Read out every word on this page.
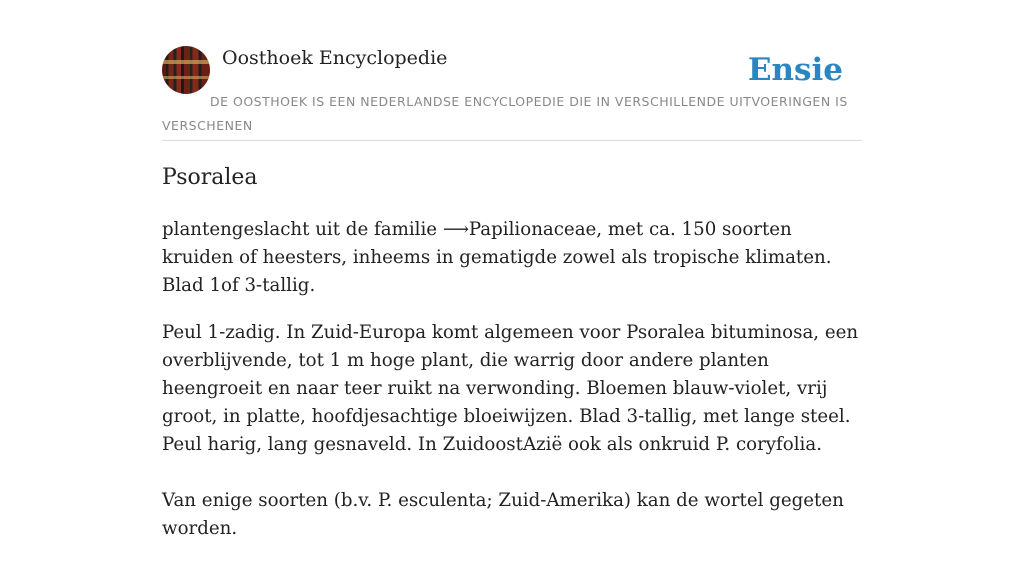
Oosthoek Encyclopedie	Ensie
DE OOSTHOEK IS EEN NEDERLANDSE ENCYCLOPEDIE DIE IN VERSCHILLENDE UITVOERINGEN IS VERSCHENEN
Psoralea

plantengeslacht uit de familie ⟶Papilionaceae, met ca. 150 soorten kruiden of heesters, inheems in gematigde zowel als tropische klimaten. Blad 1of 3-tallig.

Peul 1-zadig. In Zuid-Europa komt algemeen voor Psoralea bituminosa, een overblijvende, tot 1 m hoge plant, die warrig door andere planten heengroeit en naar teer ruikt na verwonding. Bloemen blauw-violet, vrij groot, in platte, hoofdjesachtige bloeiwijzen. Blad 3-tallig, met lange steel. Peul harig, lang gesnaveld. In ZuidoostAzië ook als onkruid P. coryfolia.

Van enige soorten (b.v. P. esculenta; Zuid-Amerika) kan de wortel gegeten worden.
